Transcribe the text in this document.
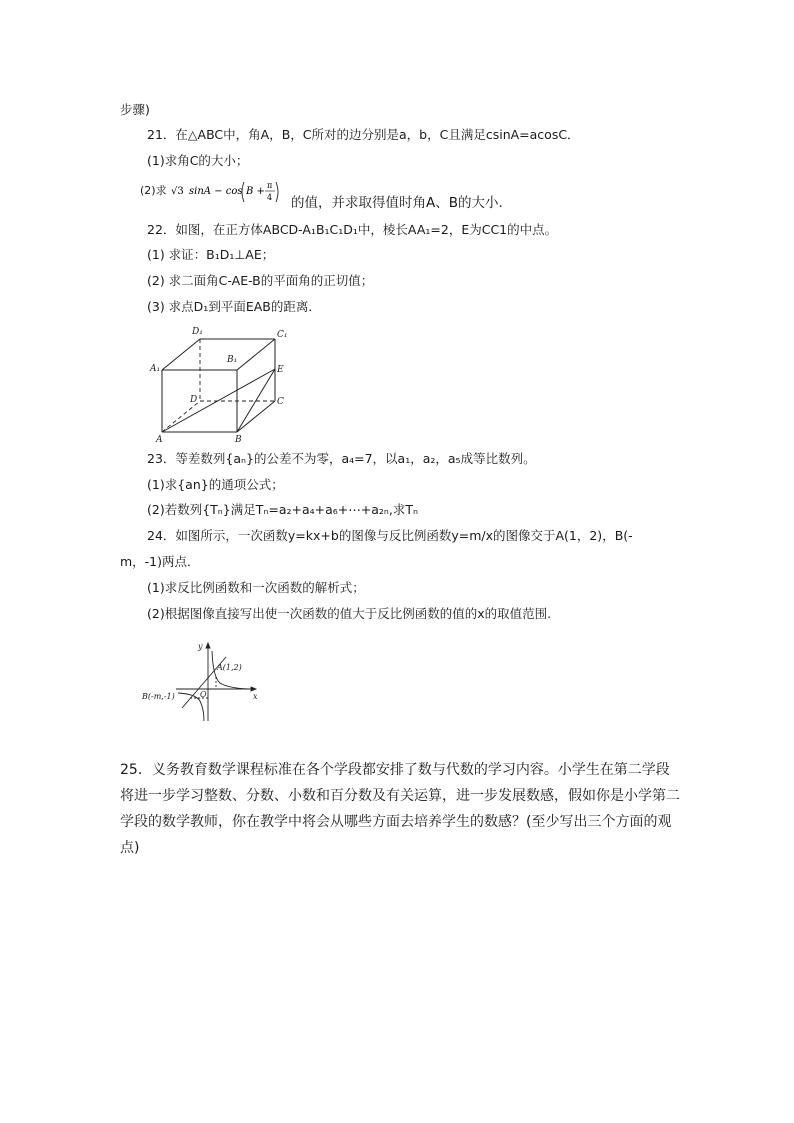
步骤)
21．在△ABC中，角A，B，C所对的边分别是a，b，C且满足csinA=acosC．
(1)求角C的大小；
(2)求 √3 sinA − cos B +
π
4 的值，并求取得值时角A、B的大小.
22．如图，在正方体ABCD-A₁B₁C₁D₁中，棱长AA₁=2，E为CC1的中点。
(1) 求证：B₁D₁⊥AE；
(2) 求二面角C-AE-B的平面角的正切值；
(3) 求点D₁到平面EAB的距离．
D₁	C₁
A₁
B₁
E
D	C
A	B
23．等差数列{aₙ}的公差不为零，a₄=7，以a₁，a₂，a₅成等比数列。
(1)求{an}的通项公式；
(2)若数列{Tₙ}满足Tₙ=a₂+a₄+a₆+⋯+a₂ₙ,求Tₙ
24．如图所示，一次函数y=kx+b的图像与反比例函数y=m/x的图像交于A(1，2)，B(-
m，-1)两点．
(1)求反比例函数和一次函数的解析式；
(2)根据图像直接写出使一次函数的值大于反比例函数的值的x的取值范围.
y
x
O
A(1,2)
B(-m,-1)
25．义务教育数学课程标准在各个学段都安排了数与代数的学习内容。小学生在第二学段将进一步学习整数、分数、小数和百分数及有关运算，进一步发展数感，假如你是小学第二学段的数学教师，你在教学中将会从哪些方面去培养学生的数感？(至少写出三个方面的观点)
